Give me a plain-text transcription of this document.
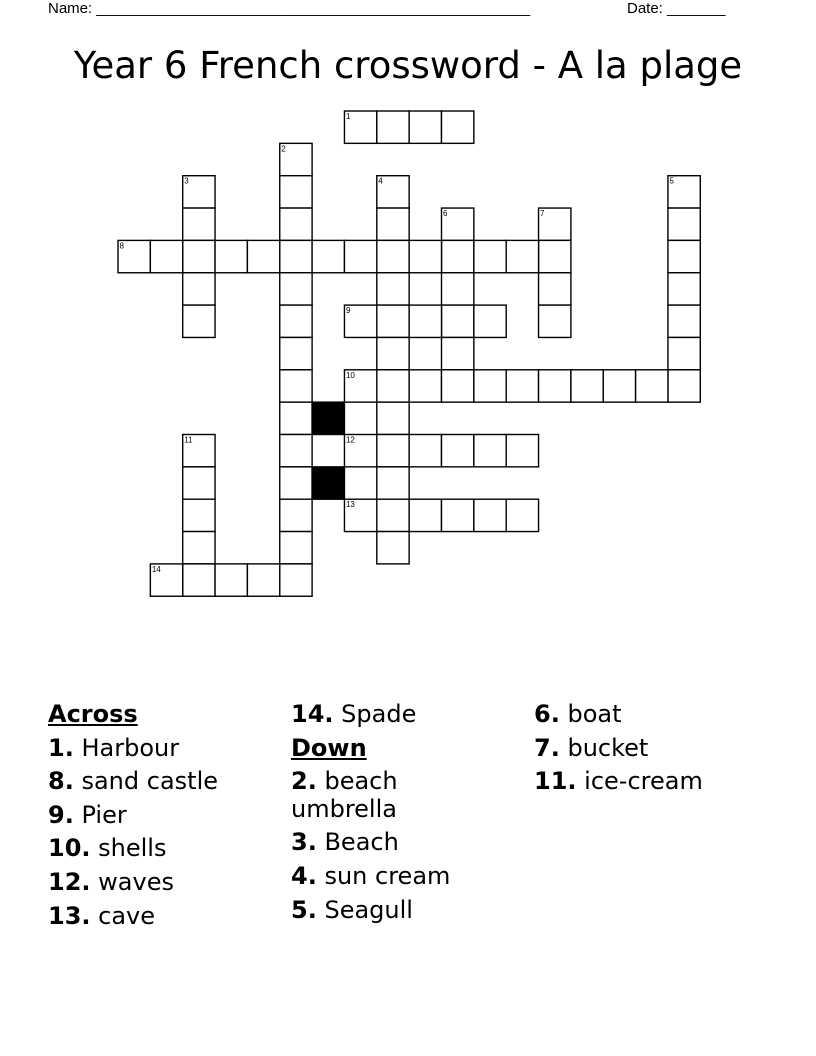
Name: ____________________________________________________	Date: _______
Year 6 French crossword - A la plage
1
2
3	4	5
6	7
8
9
10
11	12
13
14
Across
1. Harbour
8. sand castle
9. Pier
10. shells
12. waves
13. cave
14. Spade
Down
2. beach umbrella
3. Beach
4. sun cream
5. Seagull
6. boat
7. bucket
11. ice-cream
